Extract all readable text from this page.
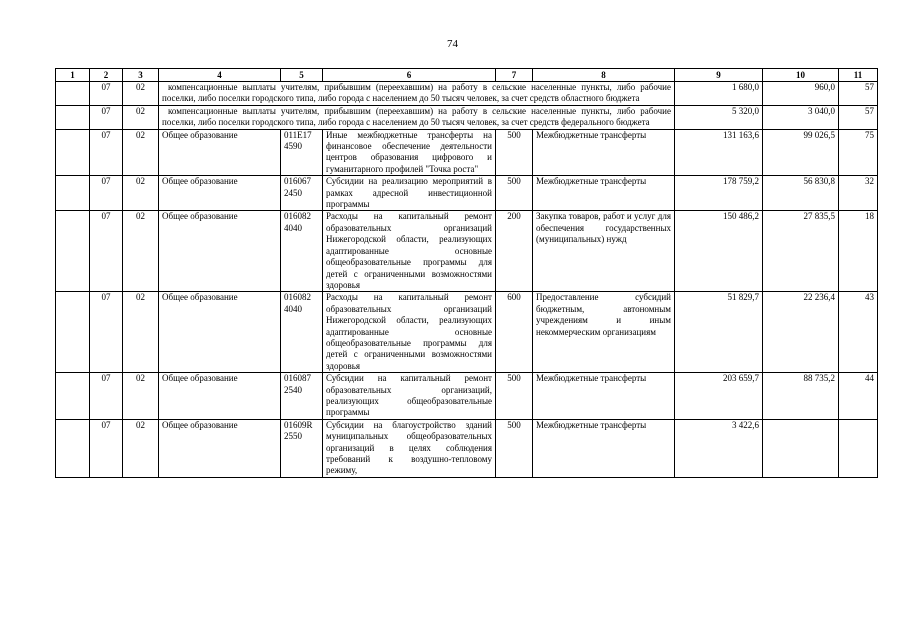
74
1	2	3	4	5	6	7	8	9	10	11
	07	02	компенсационные выплаты учителям, прибывшим (переехавшим) на работу в сельские населенные пункты, либо рабочие поселки, либо поселки городского типа, либо города с населением до 50 тысяч человек, за счет средств областного бюджета					1 680,0	960,0	57
	07	02	компенсационные выплаты учителям, прибывшим (переехавшим) на работу в сельские населенные пункты, либо рабочие поселки, либо поселки городского типа, либо города с населением до 50 тысяч человек, за счет средств федерального бюджета					5 320,0	3 040,0	57
	07	02	Общее образование	011E17 4590	Иные межбюджетные трансферты на финансовое обеспечение деятельности центров образования цифрового и гуманитарного профилей "Точка роста"	500	Межбюджетные трансферты	131 163,6	99 026,5	75
	07	02	Общее образование	016067 2450	Субсидии на реализацию мероприятий в рамках адресной инвестиционной программы	500	Межбюджетные трансферты	178 759,2	56 830,8	32
	07	02	Общее образование	016082 4040	Расходы на капитальный ремонт образовательных организаций Нижегородской области, реализующих адаптированные основные общеобразовательные программы для детей с ограниченными возможностями здоровья	200	Закупка товаров, работ и услуг для обеспечения государственных (муниципальных) нужд	150 486,2	27 835,5	18
	07	02	Общее образование	016082 4040	Расходы на капитальный ремонт образовательных организаций Нижегородской области, реализующих адаптированные основные общеобразовательные программы для детей с ограниченными возможностями здоровья	600	Предоставление субсидий бюджетным, автономным учреждениям и иным некоммерческим организациям	51 829,7	22 236,4	43
	07	02	Общее образование	016087 2540	Субсидии на капитальный ремонт образовательных организаций, реализующих общеобразовательные программы	500	Межбюджетные трансферты	203 659,7	88 735,2	44
	07	02	Общее образование	01609R 2550	Субсидии на благоустройство зданий муниципальных общеобразовательных организаций в целях соблюдения требований к воздушно-тепловому режиму,	500	Межбюджетные трансферты	3 422,6		
